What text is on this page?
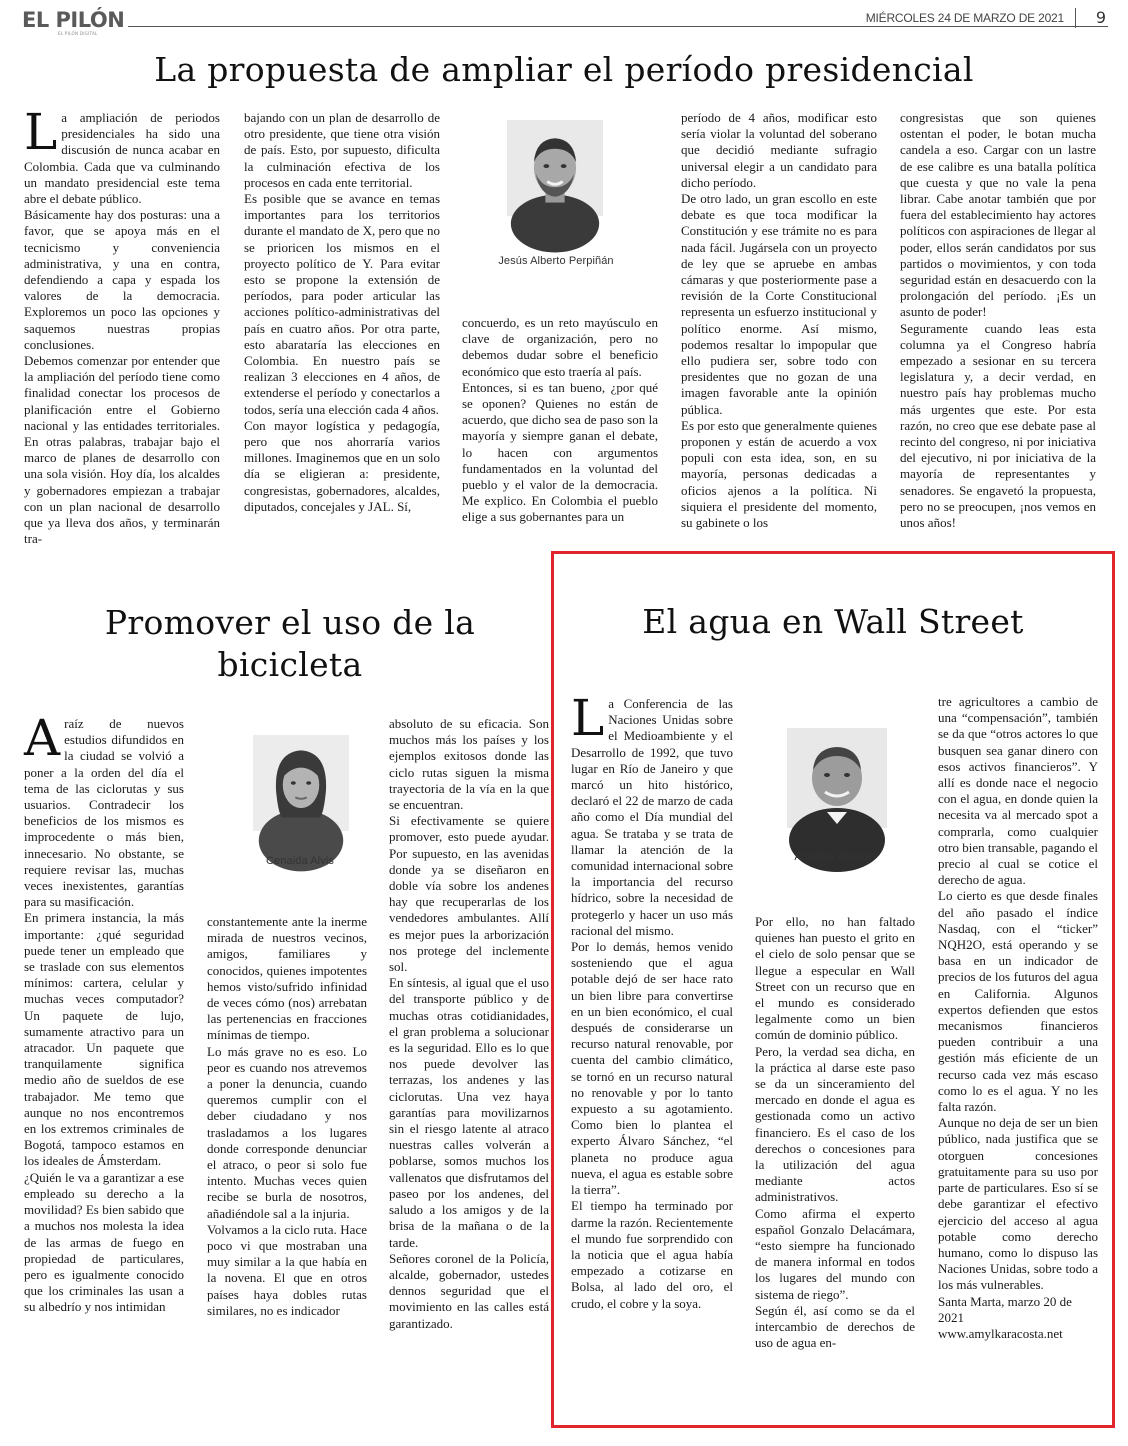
EL PILÓN
EL PILÓN DIGITAL
MIÉRCOLES 24 DE MARZO DE 2021 9
La propuesta de ampliar el período presidencial
L a ampliación de periodos presidenciales ha sido una discusión de nunca acabar en Colombia. Cada que va culminando un mandato presidencial este tema abre el debate público.

Básicamente hay dos posturas: una a favor, que se apoya más en el tecnicismo y conveniencia administrativa, y una en contra, defendiendo a capa y espada los valores de la democracia. Exploremos un poco las opciones y saquemos nuestras propias conclusiones.

Debemos comenzar por entender que la ampliación del período tiene como finalidad conectar los procesos de planificación entre el Gobierno nacional y las entidades territoriales. En otras palabras, trabajar bajo el marco de planes de desarrollo con una sola visión. Hoy día, los alcaldes y gobernadores empiezan a trabajar con un plan nacional de desarrollo que ya lleva dos años, y terminarán tra-

bajando con un plan de desarrollo de otro presidente, que tiene otra visión de país. Esto, por supuesto, dificulta la culminación efectiva de los procesos en cada ente territorial.

Es posible que se avance en temas importantes para los territorios durante el mandato de X, pero que no se prioricen los mismos en el proyecto político de Y. Para evitar esto se propone la extensión de períodos, para poder articular las acciones político-administrativas del país en cuatro años. Por otra parte, esto abarataría las elecciones en Colombia. En nuestro país se realizan 3 elecciones en 4 años, de extenderse el período y conectarlos a todos, sería una elección cada 4 años.

Con mayor logística y pedagogía, pero que nos ahorraría varios millones. Imaginemos que en un solo día se eligieran a: presidente, congresistas, gobernadores, alcaldes, diputados, concejales y JAL. Sí,

Jesús Alberto Perpiñán

concuerdo, es un reto mayúsculo en clave de organización, pero no debemos dudar sobre el beneficio económico que esto traería al país.

Entonces, si es tan bueno, ¿por qué se oponen? Quienes no están de acuerdo, que dicho sea de paso son la mayoría y siempre ganan el debate, lo hacen con argumentos fundamentados en la voluntad del pueblo y el valor de la democracia. Me explico. En Colombia el pueblo elige a sus gobernantes para un

período de 4 años, modificar esto sería violar la voluntad del soberano que decidió mediante sufragio universal elegir a un candidato para dicho período.

De otro lado, un gran escollo en este debate es que toca modificar la Constitución y ese trámite no es para nada fácil. Jugársela con un proyecto de ley que se apruebe en ambas cámaras y que posteriormente pase a revisión de la Corte Constitucional representa un esfuerzo institucional y político enorme. Así mismo, podemos resaltar lo impopular que ello pudiera ser, sobre todo con presidentes que no gozan de una imagen favorable ante la opinión pública.

Es por esto que generalmente quienes proponen y están de acuerdo a vox populi con esta idea, son, en su mayoría, personas dedicadas a oficios ajenos a la política. Ni siquiera el presidente del momento, su gabinete o los

congresistas que son quienes ostentan el poder, le botan mucha candela a eso. Cargar con un lastre de ese calibre es una batalla política que cuesta y que no vale la pena librar. Cabe anotar también que por fuera del establecimiento hay actores políticos con aspiraciones de llegar al poder, ellos serán candidatos por sus partidos o movimientos, y con toda seguridad están en desacuerdo con la prolongación del período. ¡Es un asunto de poder!

Seguramente cuando leas esta columna ya el Congreso habría empezado a sesionar en su tercera legislatura y, a decir verdad, en nuestro país hay problemas mucho más urgentes que este. Por esta razón, no creo que ese debate pase al recinto del congreso, ni por iniciativa del ejecutivo, ni por iniciativa de la mayoría de representantes y senadores. Se engavetó la propuesta, pero no se preocupen, ¡nos vemos en unos años!

Promover el uso de la
bicicleta
A raíz de nuevos estudios difundidos en la ciudad se volvió a poner a la orden del día el tema de las ciclorutas y sus usuarios. Contradecir los beneficios de los mismos es improcedente o más bien, innecesario. No obstante, se requiere revisar las, muchas veces inexistentes, garantías para su masificación.

En primera instancia, la más importante: ¿qué seguridad puede tener un empleado que se traslade con sus elementos mínimos: cartera, celular y muchas veces computador? Un paquete de lujo, sumamente atractivo para un atracador. Un paquete que tranquilamente significa medio año de sueldos de ese trabajador. Me temo que aunque no nos encontremos en los extremos criminales de Bogotá, tampoco estamos en los ideales de Ámsterdam.

¿Quién le va a garantizar a ese empleado su derecho a la movilidad? Es bien sabido que a muchos nos molesta la idea de las armas de fuego en propiedad de particulares, pero es igualmente conocido que los criminales las usan a su albedrío y nos intimidan

Cenaida Alvis

constantemente ante la inerme mirada de nuestros vecinos, amigos, familiares y conocidos, quienes impotentes hemos visto/sufrido infinidad de veces cómo (nos) arrebatan las pertenencias en fracciones mínimas de tiempo.

Lo más grave no es eso. Lo peor es cuando nos atrevemos a poner la denuncia, cuando queremos cumplir con el deber ciudadano y nos trasladamos a los lugares donde corresponde denunciar el atraco, o peor si solo fue intento. Muchas veces quien recibe se burla de nosotros, añadiéndole sal a la injuria.

Volvamos a la ciclo ruta. Hace poco vi que mostraban una muy similar a la que había en la novena. El que en otros países haya dobles rutas similares, no es indicador

absoluto de su eficacia. Son muchos más los países y los ejemplos exitosos donde las ciclo rutas siguen la misma trayectoria de la vía en la que se encuentran.

Si efectivamente se quiere promover, esto puede ayudar. Por supuesto, en las avenidas donde ya se diseñaron en doble vía sobre los andenes hay que recuperarlas de los vendedores ambulantes. Allí es mejor pues la arborización nos protege del inclemente sol.

En síntesis, al igual que el uso del transporte público y de muchas otras cotidianidades, el gran problema a solucionar es la seguridad. Ello es lo que nos puede devolver las terrazas, los andenes y las ciclorutas. Una vez haya garantías para movilizarnos sin el riesgo latente al atraco nuestras calles volverán a poblarse, somos muchos los vallenatos que disfrutamos del paseo por los andenes, del saludo a los amigos y de la brisa de la mañana o de la tarde.

Señores coronel de la Policía, alcalde, gobernador, ustedes dennos seguridad que el movimiento en las calles está garantizado.

El agua en Wall Street
L a Conferencia de las Naciones Unidas sobre el Medioambiente y el Desarrollo de 1992, que tuvo lugar en Río de Janeiro y que marcó un hito histórico, declaró el 22 de marzo de cada año como el Día mundial del agua. Se trataba y se trata de llamar la atención de la comunidad internacional sobre la importancia del recurso hídrico, sobre la necesidad de protegerlo y hacer un uso más racional del mismo.

Por lo demás, hemos venido sosteniendo que el agua potable dejó de ser hace rato un bien libre para convertirse en un bien económico, el cual después de considerarse un recurso natural renovable, por cuenta del cambio climático, se tornó en un recurso natural no renovable y por lo tanto expuesto a su agotamiento. Como bien lo plantea el experto Álvaro Sánchez, “el planeta no produce agua nueva, el agua es estable sobre la tierra”.

El tiempo ha terminado por darme la razón. Recientemente el mundo fue sorprendido con la noticia que el agua había empezado a cotizarse en Bolsa, al lado del oro, el crudo, el cobre y la soya.

Amylkar Acosta

Por ello, no han faltado quienes han puesto el grito en el cielo de solo pensar que se llegue a especular en Wall Street con un recurso que en el mundo es considerado legalmente como un bien común de dominio público.

Pero, la verdad sea dicha, en la práctica al darse este paso se da un sinceramiento del mercado en donde el agua es gestionada como un activo financiero. Es el caso de los derechos o concesiones para la utilización del agua mediante actos administrativos.

Como afirma el experto español Gonzalo Delacámara, “esto siempre ha funcionado de manera informal en todos los lugares del mundo con sistema de riego”.

Según él, así como se da el intercambio de derechos de uso de agua en-

tre agricultores a cambio de una “compensación”, también se da que “otros actores lo que busquen sea ganar dinero con esos activos financieros”. Y allí es donde nace el negocio con el agua, en donde quien la necesita va al mercado spot a comprarla, como cualquier otro bien transable, pagando el precio al cual se cotice el derecho de agua.

Lo cierto es que desde finales del año pasado el índice Nasdaq, con el “ticker” NQH2O, está operando y se basa en un indicador de precios de los futuros del agua en California. Algunos expertos defienden que estos mecanismos financieros pueden contribuir a una gestión más eficiente de un recurso cada vez más escaso como lo es el agua. Y no les falta razón.

Aunque no deja de ser un bien público, nada justifica que se otorguen concesiones gratuitamente para su uso por parte de particulares. Eso sí se debe garantizar el efectivo ejercicio del acceso al agua potable como derecho humano, como lo dispuso las Naciones Unidas, sobre todo a los más vulnerables.

Santa Marta, marzo 20 de 2021

www.amylkaracosta.net
